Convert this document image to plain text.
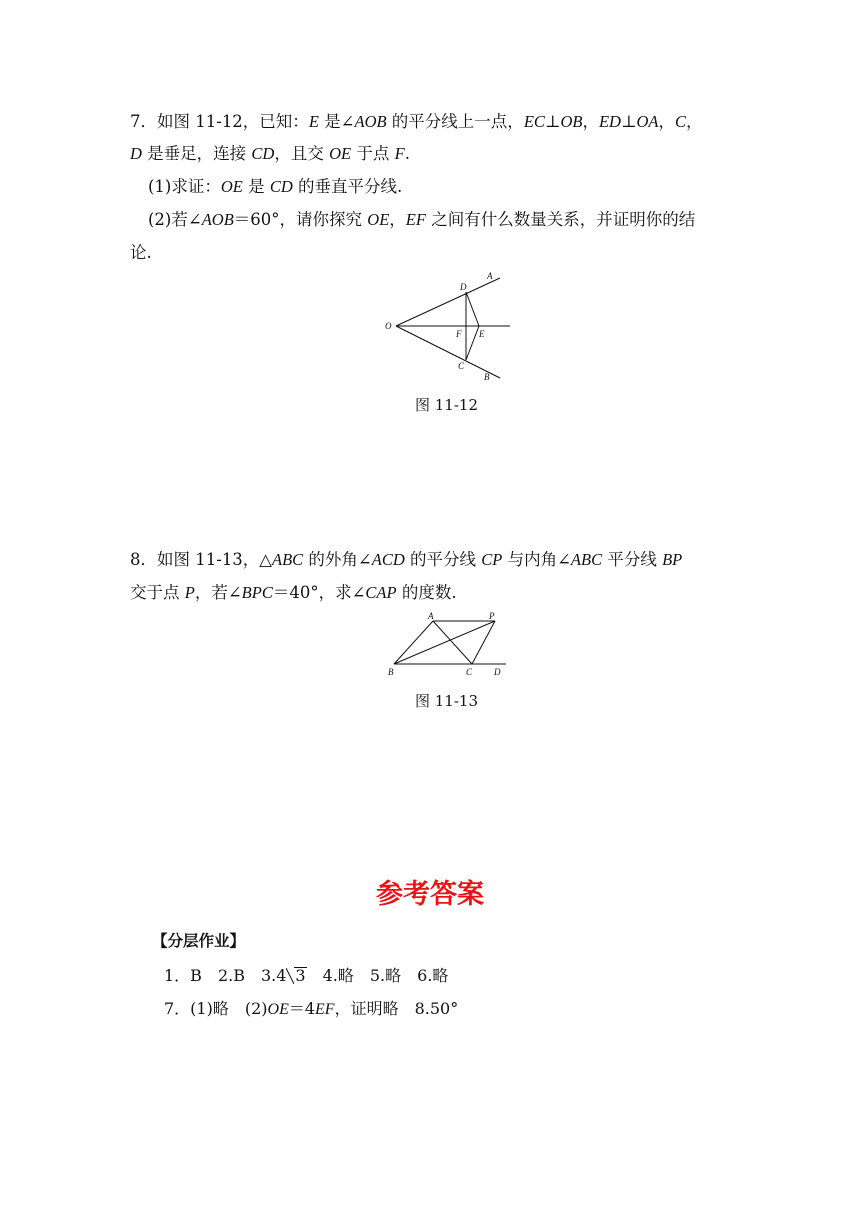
7．如图 11-12，已知：E 是∠AOB 的平分线上一点，EC⊥OB，ED⊥OA，C，
D 是垂足，连接 CD，且交 OE 于点 F.
(1)求证：OE 是 CD 的垂直平分线.
(2)若∠AOB＝60°，请你探究 OE，EF 之间有什么数量关系，并证明你的结
论.
O
A
B
D
C
F E
图 11-12
8．如图 11-13，△ABC 的外角∠ACD 的平分线 CP 与内角∠ABC 平分线 BP
交于点 P，若∠BPC＝40°，求∠CAP 的度数.
A	P
B	C D
图 11-13
参考答案
【分层作业】
1．B　2.B　3.4 3　4.略　5.略　6.略
7．(1)略　(2)OE＝4EF，证明略　8.50°
